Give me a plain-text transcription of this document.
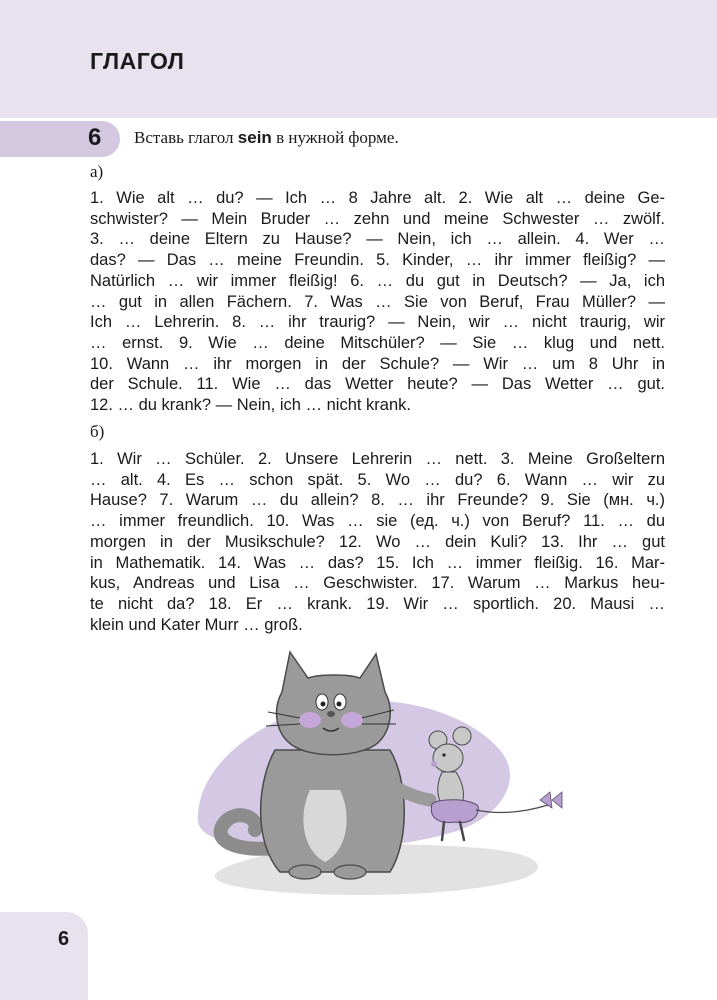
ГЛАГОЛ
6 Вставь глагол sein в нужной форме.
а)
1. Wie alt … du? — Ich … 8 Jahre alt. 2. Wie alt … deine Ge-
schwister? — Mein Bruder … zehn und meine Schwester … zwölf.
3. … deine Eltern zu Hause? — Nein, ich … allein. 4. Wer …
das? — Das … meine Freundin. 5. Kinder, … ihr immer fleißig? —
Natürlich … wir immer fleißig! 6. … du gut in Deutsch? — Ja, ich
… gut in allen Fächern. 7. Was … Sie von Beruf, Frau Müller? —
Ich … Lehrerin. 8. … ihr traurig? — Nein, wir … nicht traurig, wir
… ernst. 9. Wie … deine Mitschüler? — Sie … klug und nett.
10. Wann … ihr morgen in der Schule? — Wir … um 8 Uhr in
der Schule. 11. Wie … das Wetter heute? — Das Wetter … gut.
12. … du krank? — Nein, ich … nicht krank.
б)
1. Wir … Schüler. 2. Unsere Lehrerin … nett. 3. Meine Großeltern
… alt. 4. Es … schon spät. 5. Wo … du? 6. Wann … wir zu
Hause? 7. Warum … du allein? 8. … ihr Freunde? 9. Sie (мн. ч.)
… immer freundlich. 10. Was … sie (ед. ч.) von Beruf? 11. … du
morgen in der Musikschule? 12. Wo … dein Kuli? 13. Ihr … gut
in Mathematik. 14. Was … das? 15. Ich … immer fleißig. 16. Mar-
kus, Andreas und Lisa … Geschwister. 17. Warum … Markus heu-
te nicht da? 18. Er … krank. 19. Wir … sportlich. 20. Mausi …
klein und Kater Murr … groß.
6
